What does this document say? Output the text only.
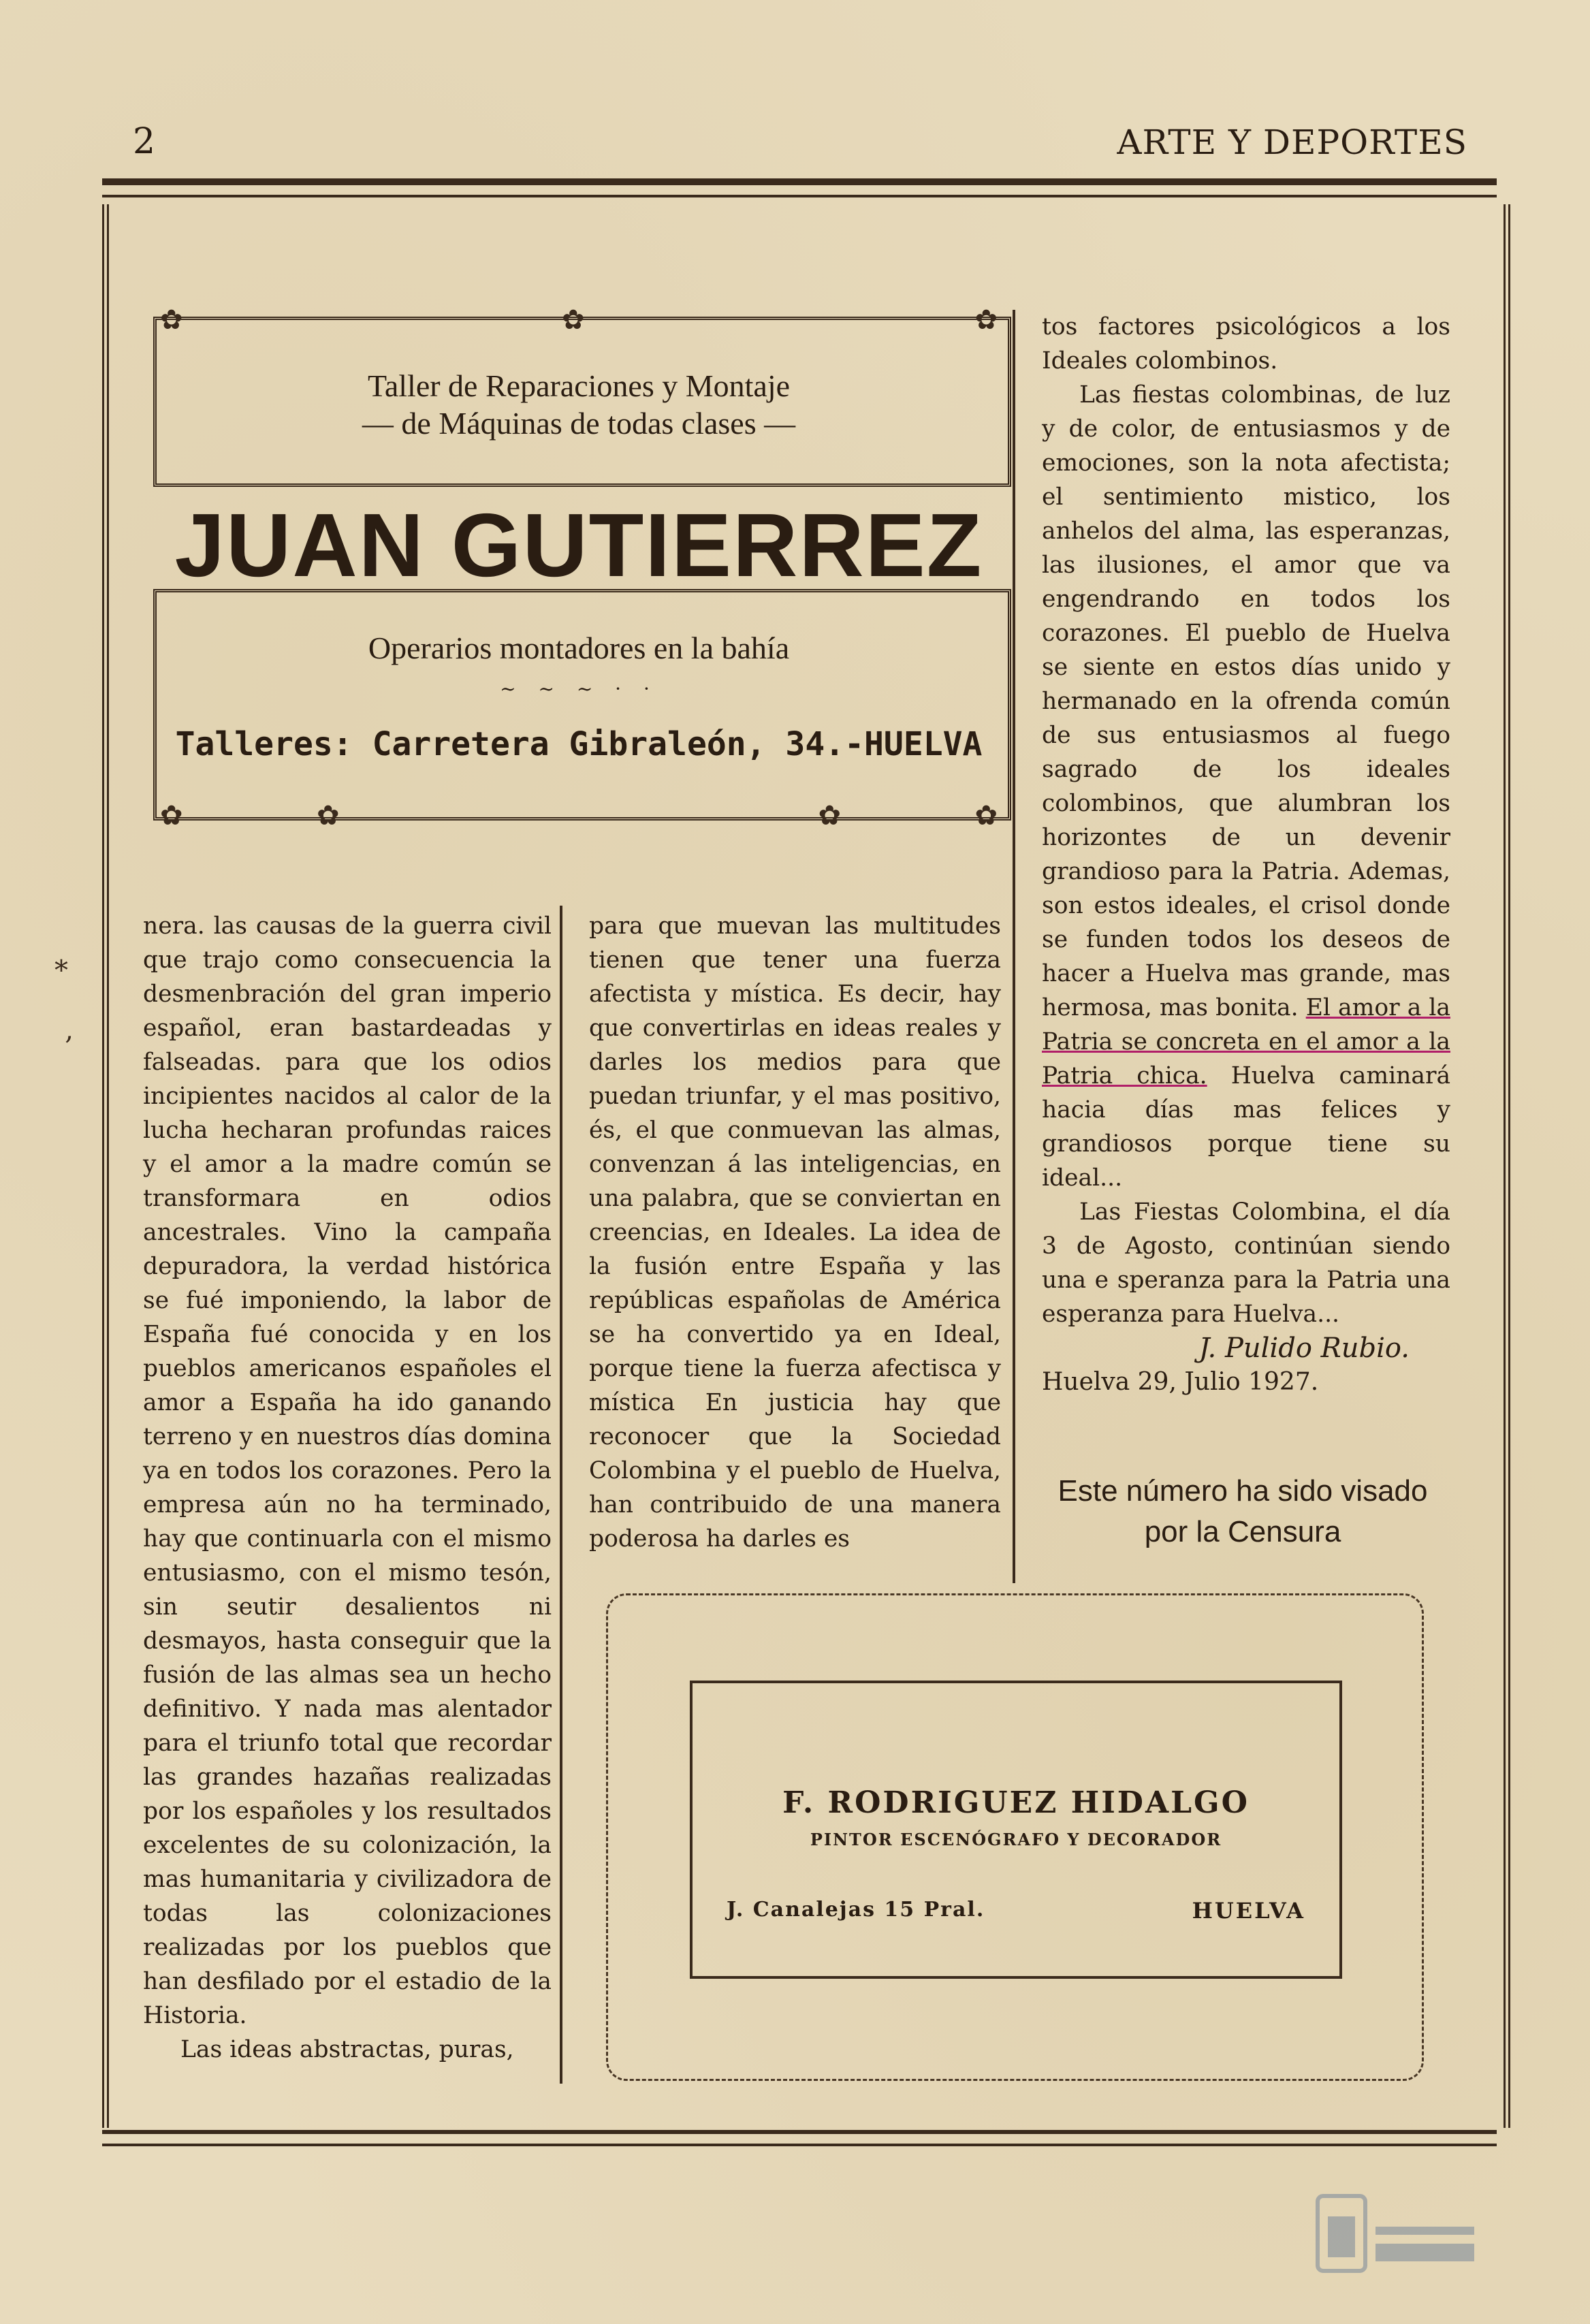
2	ARTE Y DEPORTES
✿	✿	✿
✿	✿	✿	✿
Taller de Reparaciones y Montaje
— de Máquinas de todas clases —
JUAN GUTIERREZ
Operarios montadores en la bahía
~ ~ ~ · ·
Talleres: Carretera Gibraleón, 34.-HUELVA

nera. las causas de la guerra civil que trajo como consecuencia la desmenbración del gran imperio español, eran bastardeadas y falseadas. para que los odios incipientes nacidos al calor de la lucha hecharan profundas raices y el amor a la madre común se transformara en odios ancestrales. Vino la campaña depuradora, la verdad histórica se fué imponiendo, la labor de España fué conocida y en los pueblos americanos españoles el amor a España ha ido ganando terreno y en nuestros días domina ya en todos los corazones. Pero la empresa aún no ha terminado, hay que continuarla con el mismo entusiasmo, con el mismo tesón, sin seutir desalientos ni desmayos, hasta conseguir que la fusión de las almas sea un hecho definitivo. Y nada mas alentador para el triunfo total que recordar las grandes hazañas realizadas por los españoles y los resultados excelentes de su colonización, la mas humanitaria y civilizadora de todas las colonizaciones realizadas por los pueblos que han desfilado por el estadio de la Historia.

Las ideas abstractas, puras,

para que muevan las multitudes tienen que tener una fuerza afectista y mística. Es decir, hay que convertirlas en ideas reales y darles los medios para que puedan triunfar, y el mas positivo, és, el que conmuevan las almas, convenzan á las inteligencias, en una palabra, que se conviertan en creencias, en Ideales. La idea de la fusión entre España y las repúblicas españolas de América se ha convertido ya en Ideal, porque tiene la fuerza afectisca y mística En justicia hay que reconocer que la Sociedad Colombina y el pueblo de Huelva, han contribuido de una manera poderosa ha darles es

tos factores psicológicos a los Ideales colombinos.

Las fiestas colombinas, de luz y de color, de entusiasmos y de emociones, son la nota afectista; el sentimiento mistico, los anhelos del alma, las esperanzas, las ilusiones, el amor que va engendrando en todos los corazones. El pueblo de Huelva se siente en estos días unido y hermanado en la ofrenda común de sus entusiasmos al fuego sagrado de los ideales colombinos, que alumbran los horizontes de un devenir grandioso para la Patria. Ademas, son estos ideales, el crisol donde se funden todos los deseos de hacer a Huelva mas grande, mas hermosa, mas bonita. El amor a la Patria se concreta en el amor a la Patria chica. Huelva caminará hacia días mas felices y grandiosos porque tiene su ideal...

Las Fiestas Colombina, el día 3 de Agosto, continúan siendo una e speranza para la Patria una esperanza para Huelva...

J. Pulido Rubio.

Huelva 29, Julio 1927.

Este número ha sido visado
por la Censura
F. RODRIGUEZ HIDALGO
PINTOR ESCENÓGRAFO Y DECORADOR
J. Canalejas 15 Pral.	HUELVA
⁎
‚
